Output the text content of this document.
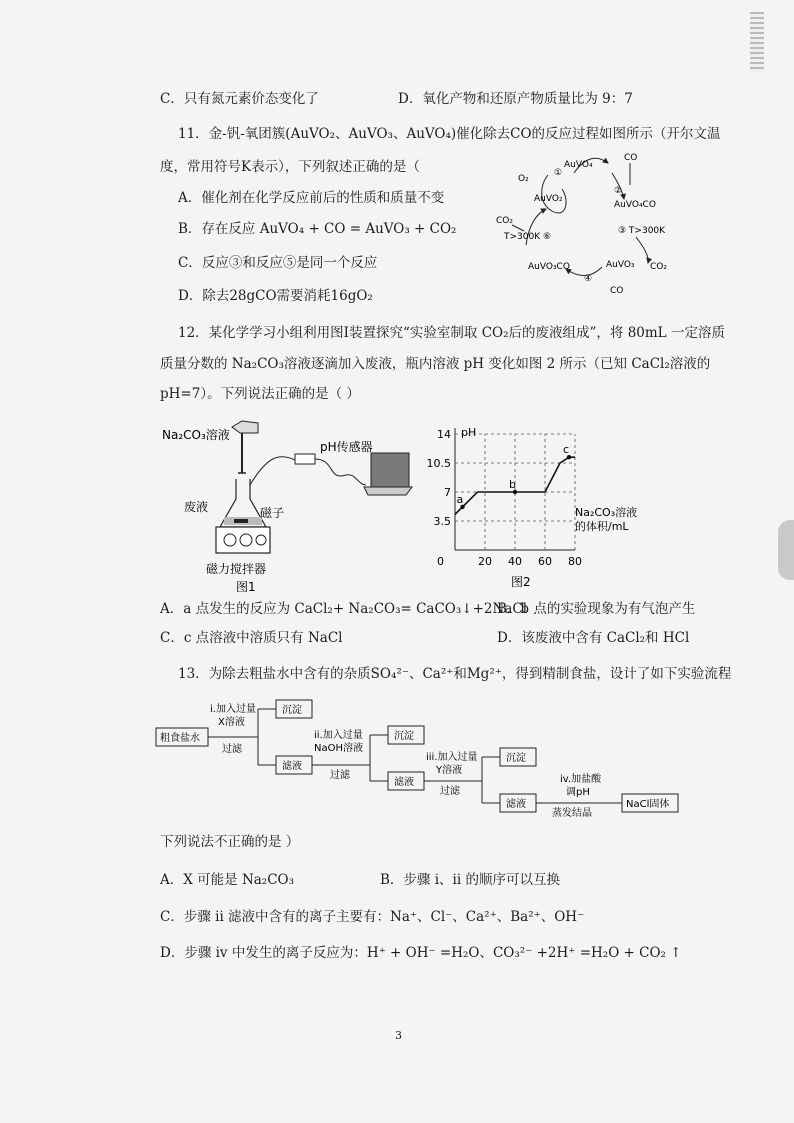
C．只有氮元素价态变化了	D．氧化产物和还原产物质量比为 9：7
11．金-钒-氧团簇(AuVO₂、AuVO₃、AuVO₄)催化除去CO的反应过程如图所示（开尔文温
度，常用符号K表示），下列叙述正确的是（
A．催化剂在化学反应前后的性质和质量不变
B．存在反应 AuVO₄ + CO = AuVO₃ + CO₂
C．反应③和反应⑤是同一个反应
D．除去28gCO需要消耗16gO₂
O₂
①
AuVO₄
CO
AuVO₂
②
AuVO₄CO
CO₂
T>300K ⑥
③ T>300K
AuVO₃CO
④
AuVO₃ CO₂
CO
12．某化学学习小组利用图Ⅰ装置探究“实验室制取 CO₂后的废液组成”，将 80mL 一定溶质
质量分数的 Na₂CO₃溶液逐滴加入废液，瓶内溶液 pH 变化如图 2 所示（已知 CaCl₂溶液的
pH=7）。下列说法正确的是（ ）
Na₂CO₃溶液
pH传感器
废液	磁子
磁力搅拌器
图1
pH
Na₂CO₃溶液
的体积/mL
0
3.5
7
10.5
14
20 40 60 80
a
b
c
图2
A．a 点发生的反应为 CaCl₂+ Na₂CO₃= CaCO₃↓+2NaCl
B．b 点的实验现象为有气泡产生
C．c 点溶液中溶质只有 NaCl	D．该废液中含有 CaCl₂和 HCl
13．为除去粗盐水中含有的杂质SO₄²⁻、Ca²⁺和Mg²⁺，得到精制食盐，设计了如下实验流程
粗食盐水
i.加入过量
X溶液
过滤
沉淀
滤液
ii.加入过量
NaOH溶液
过滤
沉淀
滤液
iii.加入过量
Y溶液
过滤
沉淀
滤液
iv.加盐酸
调pH
蒸发结晶
NaCl固体
下列说法不正确的是 ）
A．X 可能是 Na₂CO₃	B．步骤 i、ii 的顺序可以互换
C．步骤 ii 滤液中含有的离子主要有：Na⁺、Cl⁻、Ca²⁺、Ba²⁺、OH⁻
D．步骤 iv 中发生的离子反应为：H⁺ + OH⁻ =H₂O、CO₃²⁻ +2H⁺ =H₂O + CO₂ ↑
3
